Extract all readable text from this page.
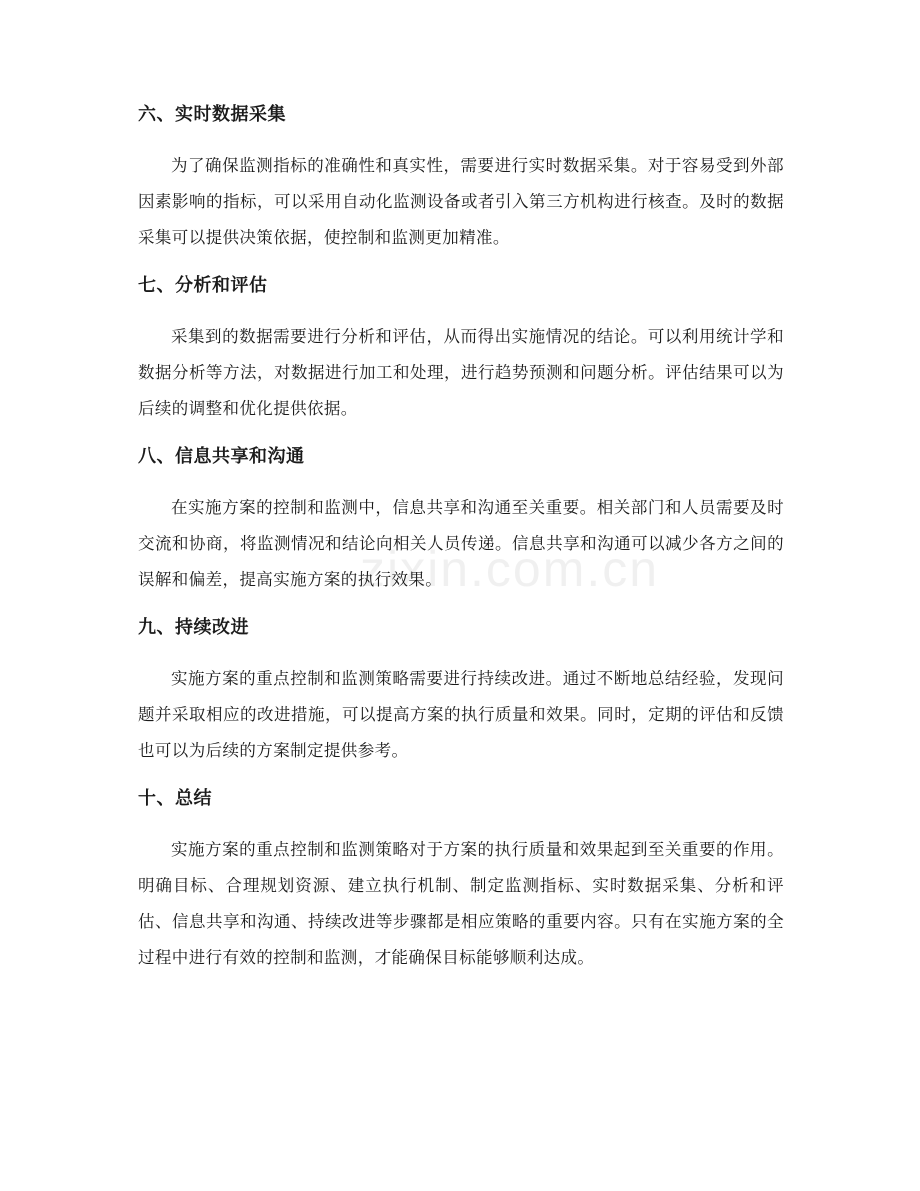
六、实时数据采集

为了确保监测指标的准确性和真实性，需要进行实时数据采集。对于容易受到外部因素影响的指标，可以采用自动化监测设备或者引入第三方机构进行核查。及时的数据采集可以提供决策依据，使控制和监测更加精准。

七、分析和评估

采集到的数据需要进行分析和评估，从而得出实施情况的结论。可以利用统计学和数据分析等方法，对数据进行加工和处理，进行趋势预测和问题分析。评估结果可以为后续的调整和优化提供依据。

八、信息共享和沟通

在实施方案的控制和监测中，信息共享和沟通至关重要。相关部门和人员需要及时交流和协商，将监测情况和结论向相关人员传递。信息共享和沟通可以减少各方之间的误解和偏差，提高实施方案的执行效果。

九、持续改进

实施方案的重点控制和监测策略需要进行持续改进。通过不断地总结经验，发现问题并采取相应的改进措施，可以提高方案的执行质量和效果。同时，定期的评估和反馈也可以为后续的方案制定提供参考。

十、总结

实施方案的重点控制和监测策略对于方案的执行质量和效果起到至关重要的作用。明确目标、合理规划资源、建立执行机制、制定监测指标、实时数据采集、分析和评估、信息共享和沟通、持续改进等步骤都是相应策略的重要内容。只有在实施方案的全过程中进行有效的控制和监测，才能确保目标能够顺利达成。

zixin.com.cn
